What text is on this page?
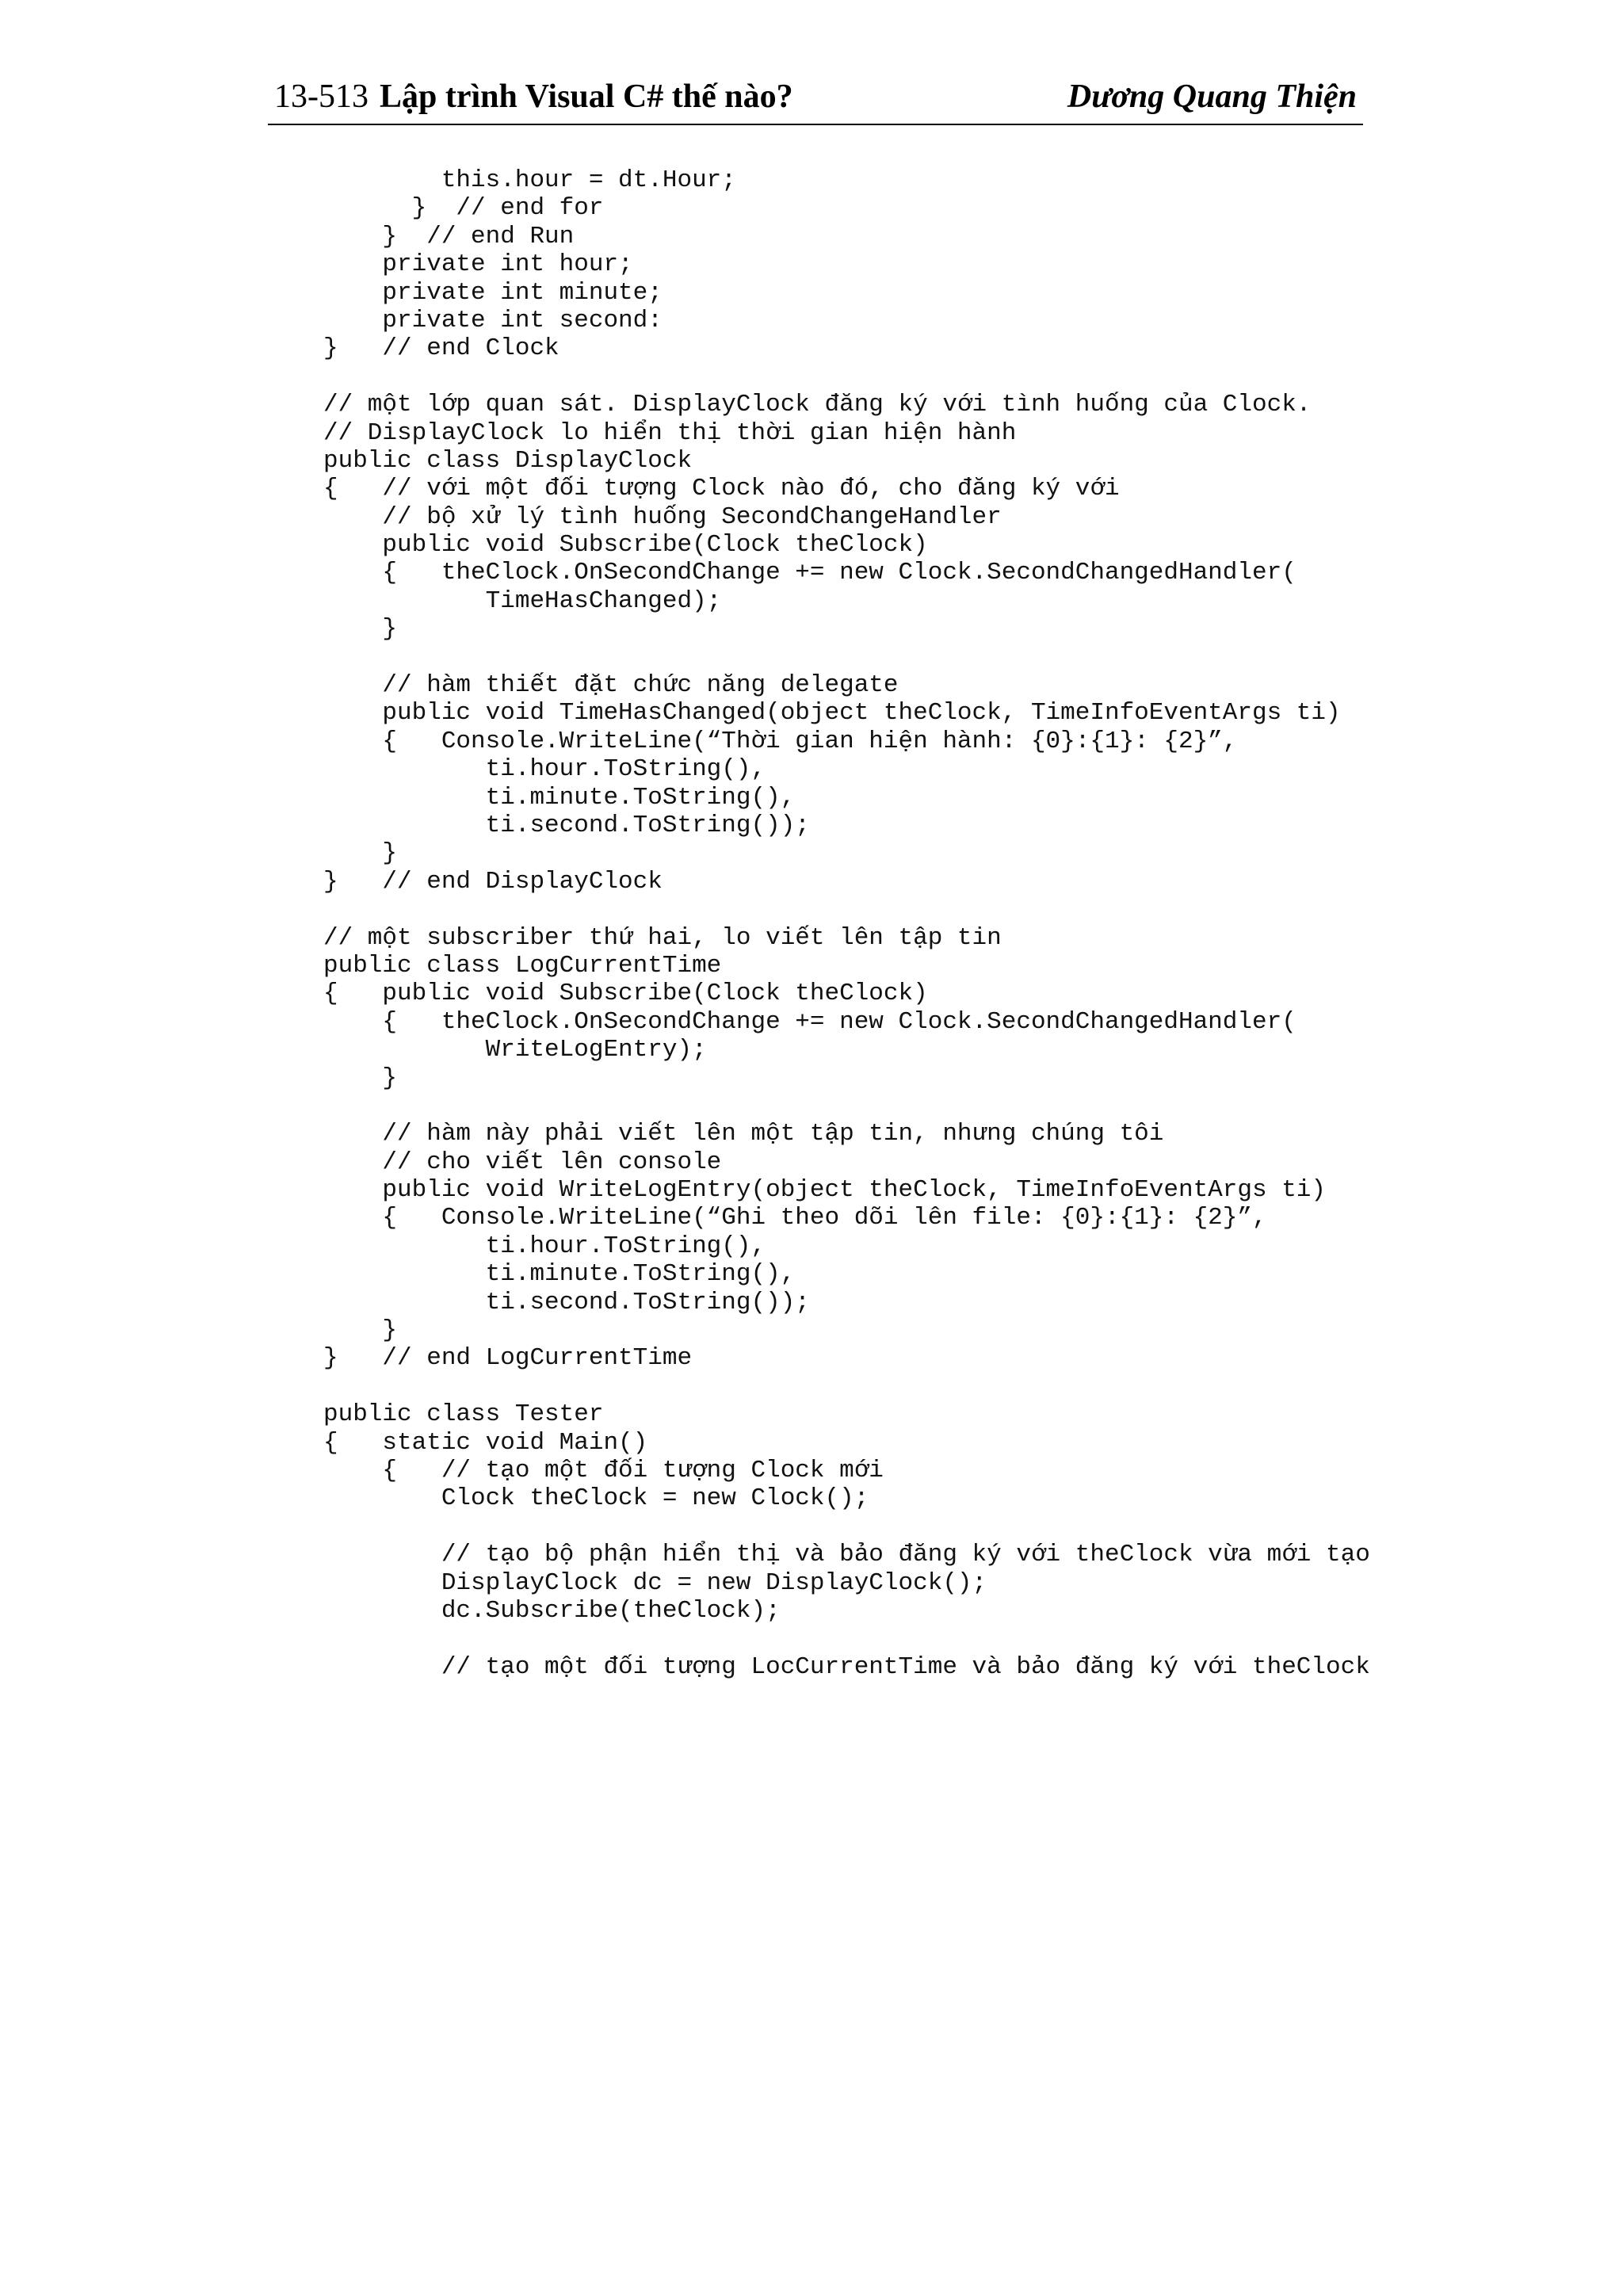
13-513 Lập trình Visual C# thế nào?	Dương Quang Thiện
this.hour = dt.Hour;
}  // end for
}  // end Run
private int hour;
private int minute;
private int second:
}   // end Clock
// một lớp quan sát. DisplayClock đăng ký với tình huống của Clock.
// DisplayClock lo hiển thị thời gian hiện hành
public class DisplayClock
{   // với một đối tượng Clock nào đó, cho đăng ký với
// bộ xử lý tình huống SecondChangeHandler
public void Subscribe(Clock theClock)
{   theClock.OnSecondChange += new Clock.SecondChangedHandler(
TimeHasChanged);
}
// hàm thiết đặt chức năng delegate
public void TimeHasChanged(object theClock, TimeInfoEventArgs ti)
{   Console.WriteLine(“Thời gian hiện hành: {0}:{1}: {2}”,
ti.hour.ToString(),
ti.minute.ToString(),
ti.second.ToString());
}
}   // end DisplayClock
// một subscriber thứ hai, lo viết lên tập tin
public class LogCurrentTime
{   public void Subscribe(Clock theClock)
{   theClock.OnSecondChange += new Clock.SecondChangedHandler(
WriteLogEntry);
}
// hàm này phải viết lên một tập tin, nhưng chúng tôi
// cho viết lên console
public void WriteLogEntry(object theClock, TimeInfoEventArgs ti)
{   Console.WriteLine(“Ghi theo dõi lên file: {0}:{1}: {2}”,
ti.hour.ToString(),
ti.minute.ToString(),
ti.second.ToString());
}
}   // end LogCurrentTime
public class Tester
{   static void Main()
{   // tạo một đối tượng Clock mới
Clock theClock = new Clock();
// tạo bộ phận hiển thị và bảo đăng ký với theClock vừa mới tạo
DisplayClock dc = new DisplayClock();
dc.Subscribe(theClock);
// tạo một đối tượng LocCurrentTime và bảo đăng ký với theClock
